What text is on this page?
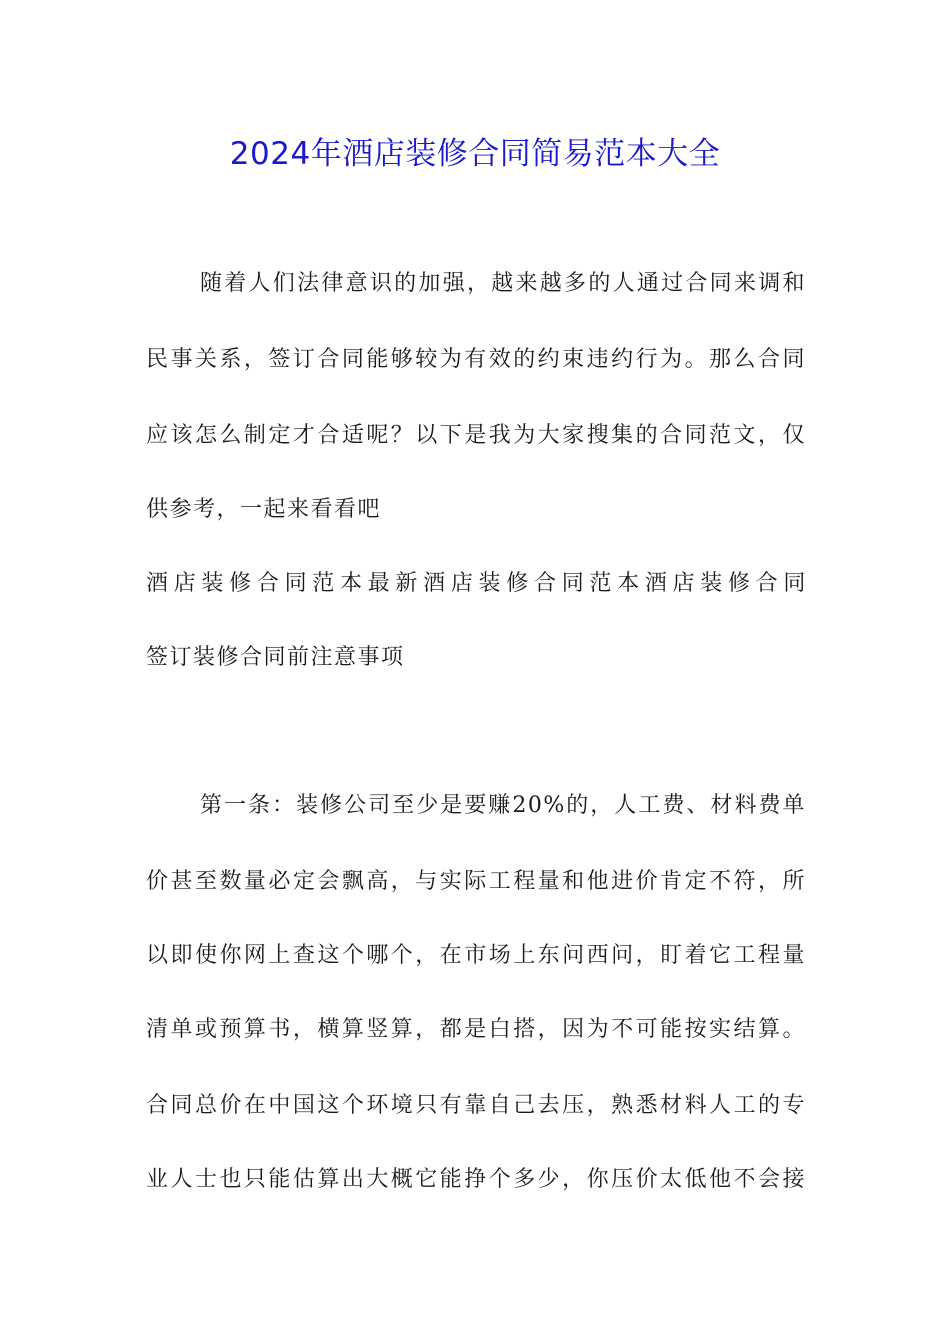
2024年酒店装修合同简易范本大全
随着人们法律意识的加强，越来越多的人通过合同来调和
民事关系，签订合同能够较为有效的约束违约行为。那么合同
应该怎么制定才合适呢？以下是我为大家搜集的合同范文，仅
供参考，一起来看看吧
酒店装修合同范本最新酒店装修合同范本酒店装修合同
签订装修合同前注意事项
第一条：装修公司至少是要赚20%的，人工费、材料费单
价甚至数量必定会飘高，与实际工程量和他进价肯定不符，所
以即使你网上查这个哪个，在市场上东问西问，盯着它工程量
清单或预算书，横算竖算，都是白搭，因为不可能按实结算。
合同总价在中国这个环境只有靠自己去压，熟悉材料人工的专
业人士也只能估算出大概它能挣个多少，你压价太低他不会接
